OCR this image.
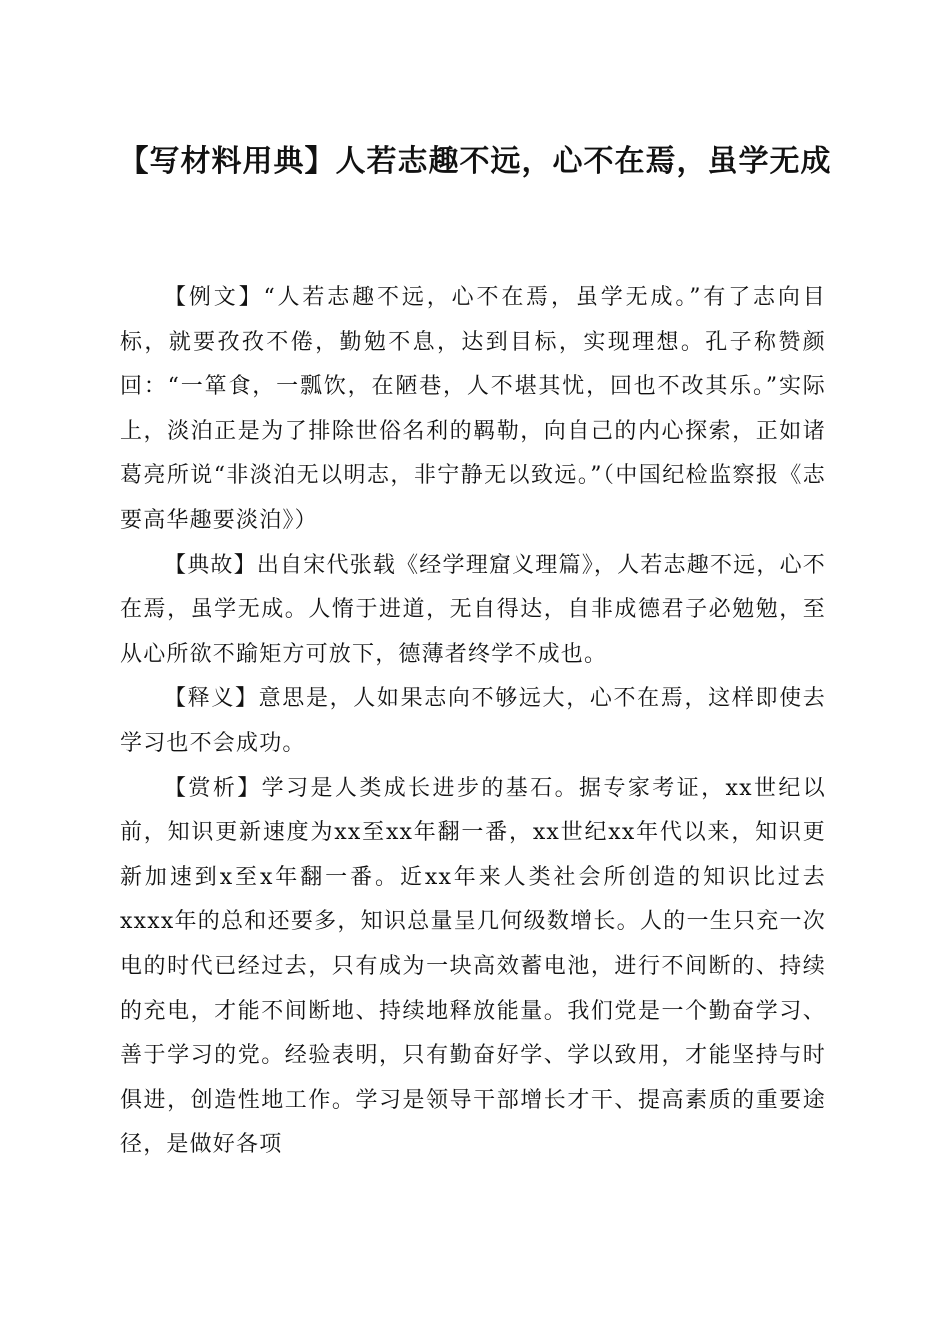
【写材料用典】人若志趣不远，心不在焉，虽学无成

【例文】“人若志趣不远，心不在焉，虽学无成。”有了志向目标，就要孜孜不倦，勤勉不息，达到目标，实现理想。孔子称赞颜回：“一箪食，一瓢饮，在陋巷，人不堪其忧，回也不改其乐。”实际上，淡泊正是为了排除世俗名利的羁勒，向自己的内心探索，正如诸葛亮所说“非淡泊无以明志，非宁静无以致远。”（中国纪检监察报《志要高华趣要淡泊》）

【典故】出自宋代张载《经学理窟义理篇》，人若志趣不远，心不在焉，虽学无成。人惰于进道，无自得达，自非成德君子必勉勉，至从心所欲不踰矩方可放下，德薄者终学不成也。

【释义】意思是，人如果志向不够远大，心不在焉，这样即使去学习也不会成功。

【赏析】学习是人类成长进步的基石。据专家考证，xx世纪以前，知识更新速度为xx至xx年翻一番，xx世纪xx年代以来，知识更新加速到x至x年翻一番。近xx年来人类社会所创造的知识比过去xxxx年的总和还要多，知识总量呈几何级数增长。人的一生只充一次电的时代已经过去，只有成为一块高效蓄电池，进行不间断的、持续的充电，才能不间断地、持续地释放能量。我们党是一个勤奋学习、善于学习的党。经验表明，只有勤奋好学、学以致用，才能坚持与时俱进，创造性地工作。学习是领导干部增长才干、提高素质的重要途径，是做好各项
